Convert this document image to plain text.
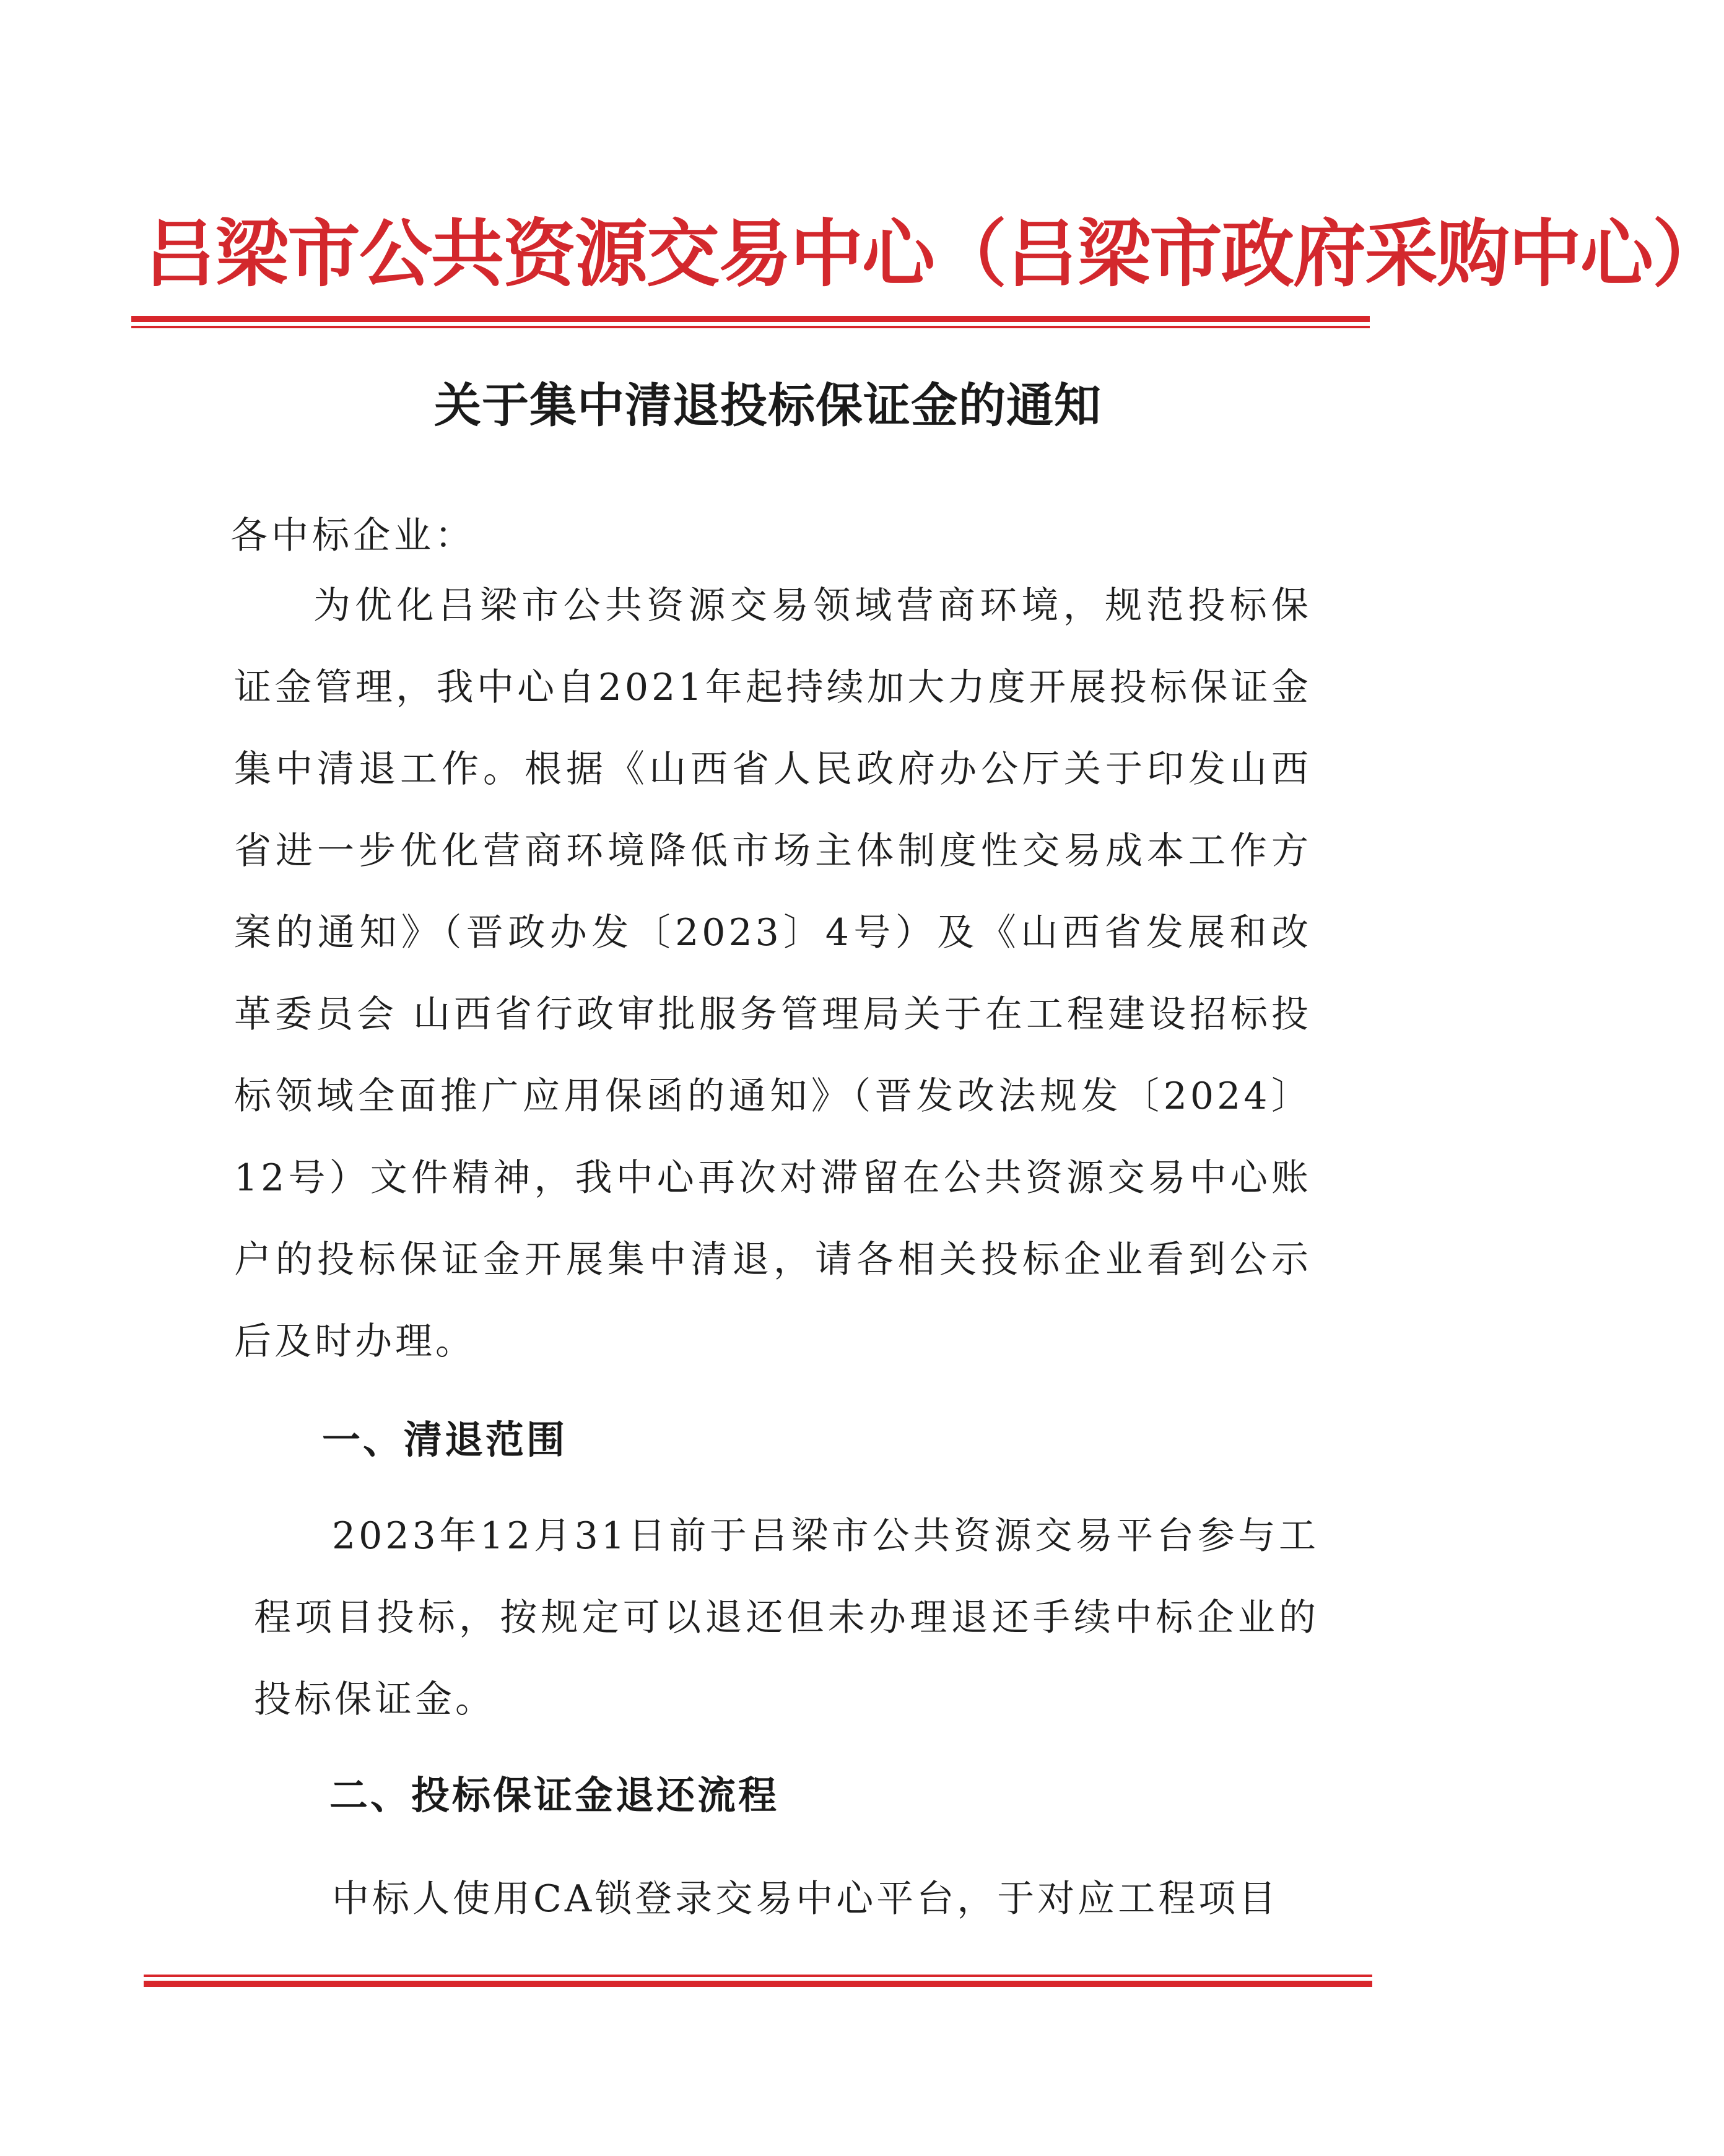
吕梁市公共资源交易中心（吕梁市政府采购中心）
关于集中清退投标保证金的通知
各中标企业：
为优化吕梁市公共资源交易领域营商环境，规范投标保证金管理，我中心自2021年起持续加大力度开展投标保证金集中清退工作。根据《山西省人民政府办公厅关于印发山西省进一步优化营商环境降低市场主体制度性交易成本工作方案的通知》（晋政办发〔2023〕4号）及《山西省发展和改革委员会 山西省行政审批服务管理局关于在工程建设招标投标领域全面推广应用保函的通知》（晋发改法规发〔2024〕12号）文件精神，我中心再次对滞留在公共资源交易中心账户的投标保证金开展集中清退，请各相关投标企业看到公示后及时办理。
一、清退范围
2023年12月31日前于吕梁市公共资源交易平台参与工程项目投标，按规定可以退还但未办理退还手续中标企业的投标保证金。
二、投标保证金退还流程
中标人使用CA锁登录交易中心平台，于对应工程项目
